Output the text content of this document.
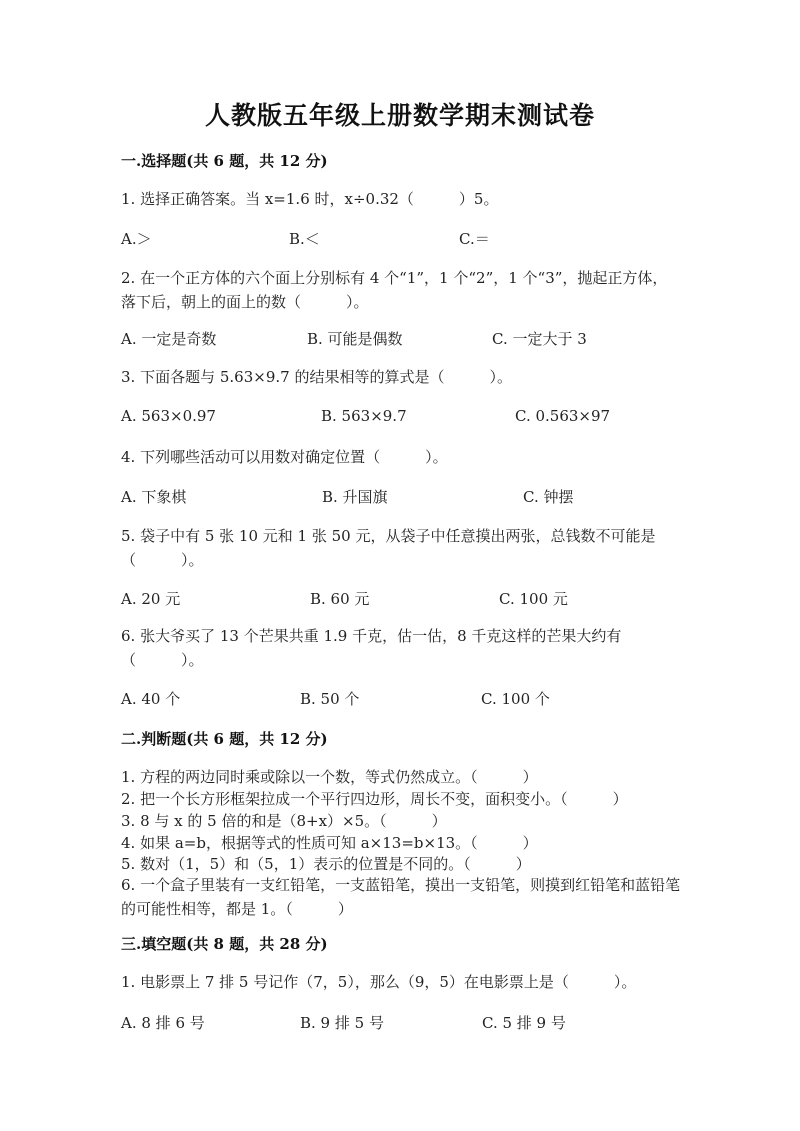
人教版五年级上册数学期末测试卷
一.选择题(共 6 题，共 12 分)
1. 选择正确答案。当 x=1.6 时，x÷0.32（　　　）5。
A.＞	B.＜	C.＝
2. 在一个正方体的六个面上分别标有 4 个“1”，1 个“2”，1 个“3”，抛起正方体，落下后，朝上的面上的数（　　　）。
A. 一定是奇数	B. 可能是偶数	C. 一定大于 3
3. 下面各题与 5.63×9.7 的结果相等的算式是（　　　）。
A. 563×0.97	B. 563×9.7	C. 0.563×97
4. 下列哪些活动可以用数对确定位置（　　　）。
A. 下象棋	B. 升国旗	C. 钟摆
5. 袋子中有 5 张 10 元和 1 张 50 元，从袋子中任意摸出两张，总钱数不可能是（　　　）。
A. 20 元	B. 60 元	C. 100 元
6. 张大爷买了 13 个芒果共重 1.9 千克，估一估，8 千克这样的芒果大约有（　　　）。
A. 40 个	B. 50 个	C. 100 个
二.判断题(共 6 题，共 12 分)
1. 方程的两边同时乘或除以一个数，等式仍然成立。（　　　）
2. 把一个长方形框架拉成一个平行四边形，周长不变，面积变小。（　　　）
3. 8 与 x 的 5 倍的和是（8+x）×5。（　　　）
4. 如果 a=b，根据等式的性质可知 a×13=b×13。（　　　）
5. 数对（1，5）和（5，1）表示的位置是不同的。（　　　）
6. 一个盒子里装有一支红铅笔，一支蓝铅笔，摸出一支铅笔，则摸到红铅笔和蓝铅笔的可能性相等，都是 1。（　　　）
三.填空题(共 8 题，共 28 分)
1. 电影票上 7 排 5 号记作（7，5），那么（9，5）在电影票上是（　　　）。
A. 8 排 6 号	B. 9 排 5 号	C. 5 排 9 号
